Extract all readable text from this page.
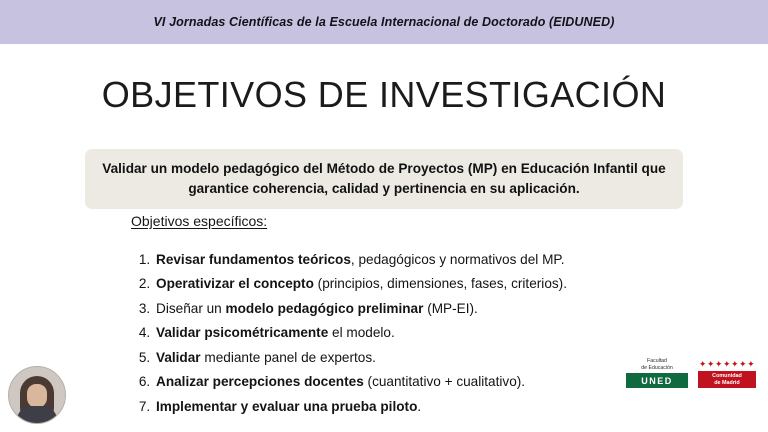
VI Jornadas Científicas de la Escuela Internacional de Doctorado (EIDUNED)
OBJETIVOS DE INVESTIGACIÓN
Validar un modelo pedagógico del Método de Proyectos (MP) en Educación Infantil que garantice coherencia, calidad y pertinencia en su aplicación.
Objetivos específicos:
1. Revisar fundamentos teóricos, pedagógicos y normativos del MP.
2. Operativizar el concepto (principios, dimensiones, fases, criterios).
3. Diseñar un modelo pedagógico preliminar (MP-EI).
4. Validar psicométricamente el modelo.
5. Validar mediante panel de expertos.
6. Analizar percepciones docentes (cuantitativo + cualitativo).
7. Implementar y evaluar una prueba piloto.
Facultad
de Educación
UNED
✦✦✦✦✦✦✦
Comunidad
de Madrid
